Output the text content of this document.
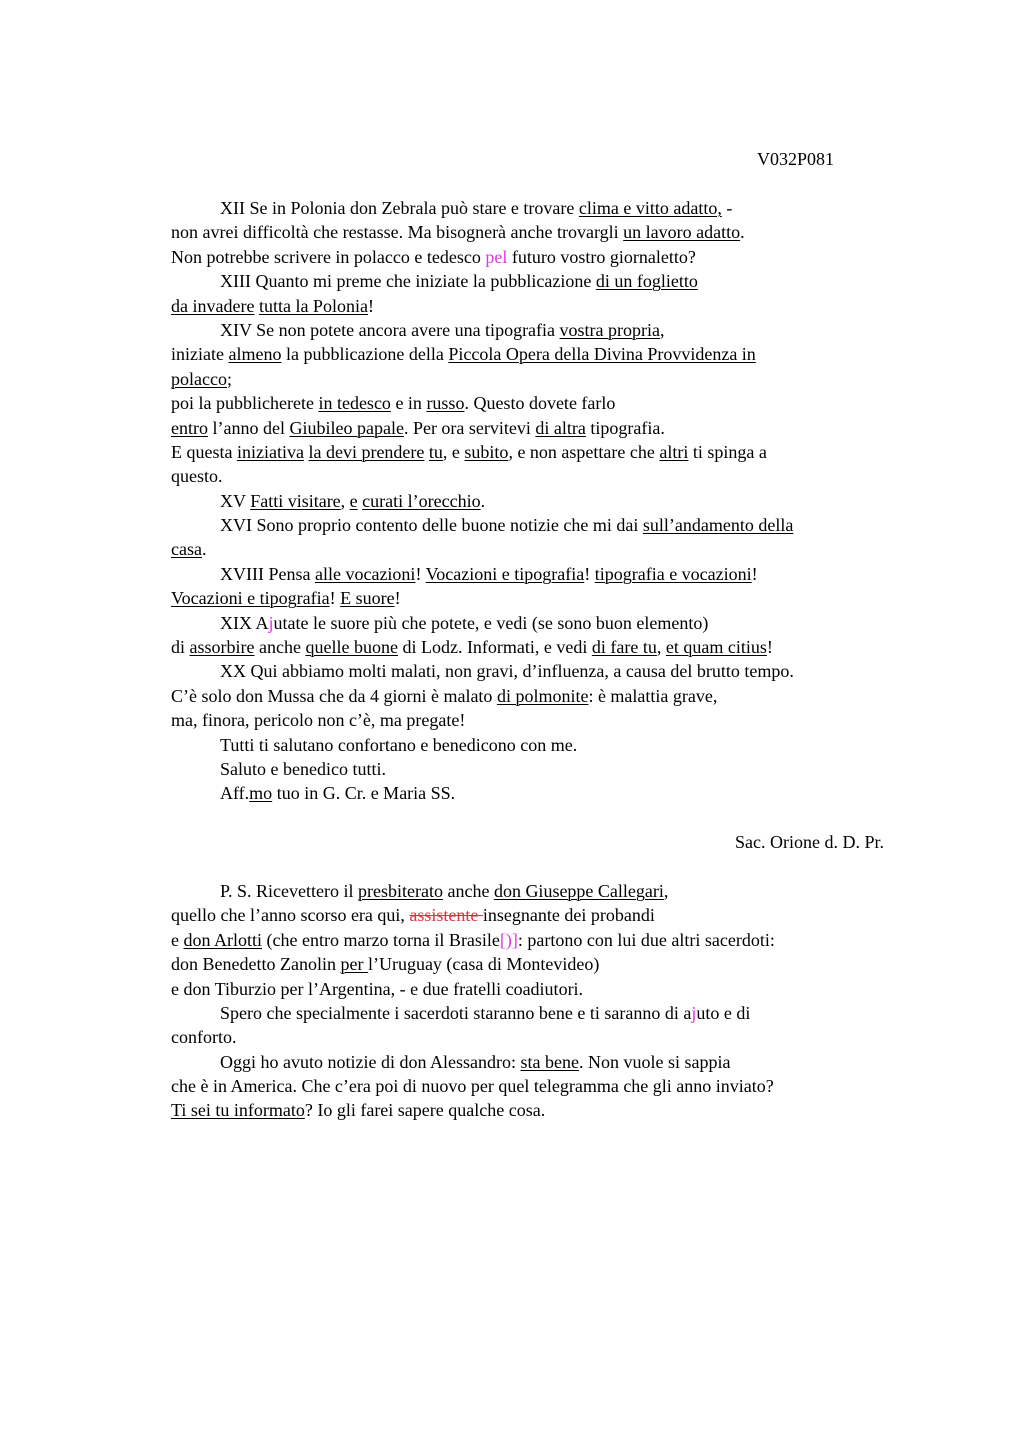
V032P081
XII Se in Polonia don Zebrala può stare e trovare clima e vitto adatto, -
non avrei difficoltà che restasse. Ma bisognerà anche trovargli un lavoro adatto.
Non potrebbe scrivere in polacco e tedesco pel futuro vostro giornaletto?
XIII Quanto mi preme che iniziate la pubblicazione di un foglietto
da invadere tutta la Polonia!
XIV Se non potete ancora avere una tipografia vostra propria,
iniziate almeno la pubblicazione della Piccola Opera della Divina Provvidenza in
polacco;
poi la pubblicherete in tedesco e in russo. Questo dovete farlo
entro l’anno del Giubileo papale. Per ora servitevi di altra tipografia.
E questa iniziativa la devi prendere tu, e subito, e non aspettare che altri ti spinga a
questo.
XV Fatti visitare, e curati l’orecchio.
XVI Sono proprio contento delle buone notizie che mi dai sull’andamento della
casa.
XVIII Pensa alle vocazioni! Vocazioni e tipografia! tipografia e vocazioni!
Vocazioni e tipografia! E suore!
XIX Ajutate le suore più che potete, e vedi (se sono buon elemento)
di assorbire anche quelle buone di Lodz. Informati, e vedi di fare tu, et quam citius!
XX Qui abbiamo molti malati, non gravi, d’influenza, a causa del brutto tempo.
C’è solo don Mussa che da 4 giorni è malato di polmonite: è malattia grave,
ma, finora, pericolo non c’è, ma pregate!
Tutti ti salutano confortano e benedicono con me.
Saluto e benedico tutti.
Aff.mo tuo in G. Cr. e Maria SS.
Sac. Orione d. D. Pr.
P. S. Ricevettero il presbiterato anche don Giuseppe Callegari,
quello che l’anno scorso era qui, assistente insegnante dei probandi
e don Arlotti (che entro marzo torna il Brasile[)]: partono con lui due altri sacerdoti:
don Benedetto Zanolin per l’Uruguay (casa di Montevideo)
e don Tiburzio per l’Argentina, - e due fratelli coadiutori.
Spero che specialmente i sacerdoti staranno bene e ti saranno di ajuto e di
conforto.
Oggi ho avuto notizie di don Alessandro: sta bene. Non vuole si sappia
che è in America. Che c’era poi di nuovo per quel telegramma che gli anno inviato?
Ti sei tu informato? Io gli farei sapere qualche cosa.
